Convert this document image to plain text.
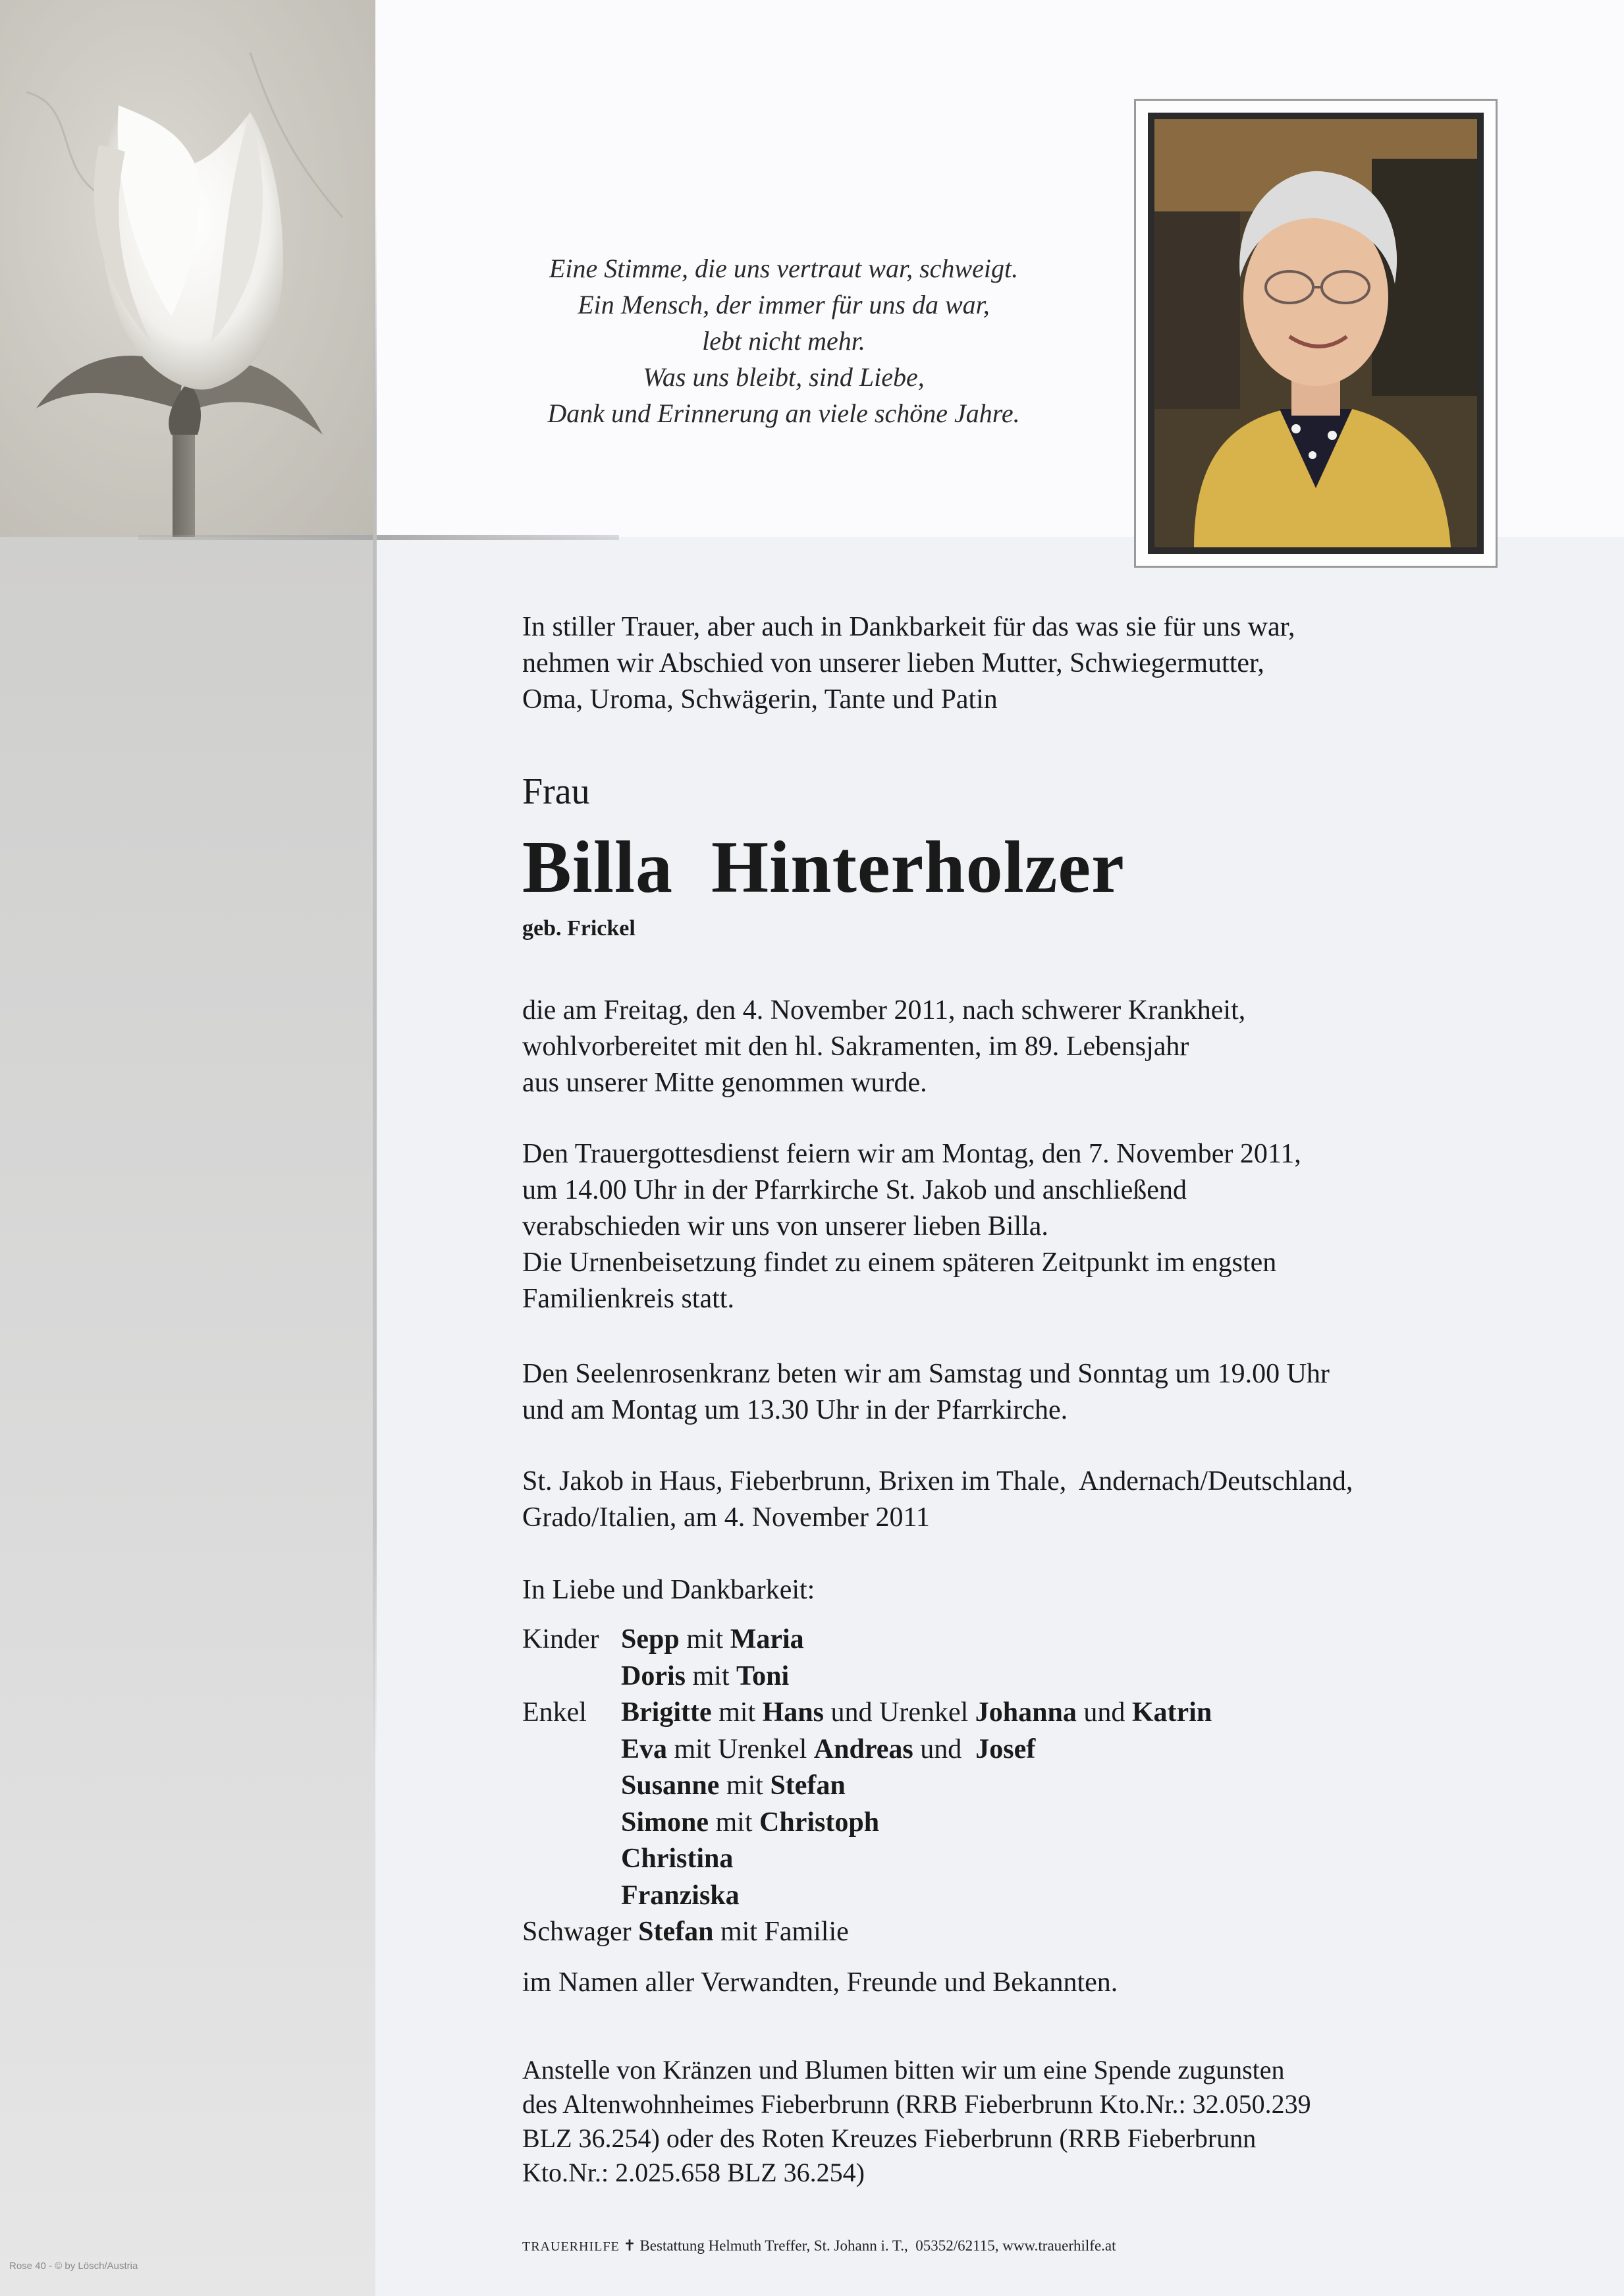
Eine Stimme, die uns vertraut war, schweigt.
Ein Mensch, der immer für uns da war,
lebt nicht mehr.
Was uns bleibt, sind Liebe,
Dank und Erinnerung an viele schöne Jahre.
In stiller Trauer, aber auch in Dankbarkeit für das was sie für uns war,
nehmen wir Abschied von unserer lieben Mutter, Schwiegermutter,
Oma, Uroma, Schwägerin, Tante und Patin
Frau
Billa  Hinterholzer
geb. Frickel
die am Freitag, den 4. November 2011, nach schwerer Krankheit,
wohlvorbereitet mit den hl. Sakramenten, im 89. Lebensjahr
aus unserer Mitte genommen wurde.
Den Trauergottesdienst feiern wir am Montag, den 7. November 2011,
um 14.00 Uhr in der Pfarrkirche St. Jakob und anschließend
verabschieden wir uns von unserer lieben Billa.
Die Urnenbeisetzung findet zu einem späteren Zeitpunkt im engsten
Familienkreis statt.
Den Seelenrosenkranz beten wir am Samstag und Sonntag um 19.00 Uhr
und am Montag um 13.30 Uhr in der Pfarrkirche.
St. Jakob in Haus, Fieberbrunn, Brixen im Thale,  Andernach/Deutschland,
Grado/Italien, am 4. November 2011
In Liebe und Dankbarkeit:
Kinder Sepp mit Maria
Doris mit Toni
Enkel Brigitte mit Hans und Urenkel Johanna und Katrin
Eva mit Urenkel Andreas und Josef
Susanne mit Stefan
Simone mit Christoph
Christina
Franziska
Schwager Stefan mit Familie
im Namen aller Verwandten, Freunde und Bekannten.
Anstelle von Kränzen und Blumen bitten wir um eine Spende zugunsten
des Altenwohnheimes Fieberbrunn (RRB Fieberbrunn Kto.Nr.: 32.050.239
BLZ 36.254) oder des Roten Kreuzes Fieberbrunn (RRB Fieberbrunn
Kto.Nr.: 2.025.658 BLZ 36.254)
TRAUERHILFE ✝ Bestattung Helmuth Treffer, St. Johann i. T.,  05352/62115, www.trauerhilfe.at
Rose 40 - © by Lösch/Austria
